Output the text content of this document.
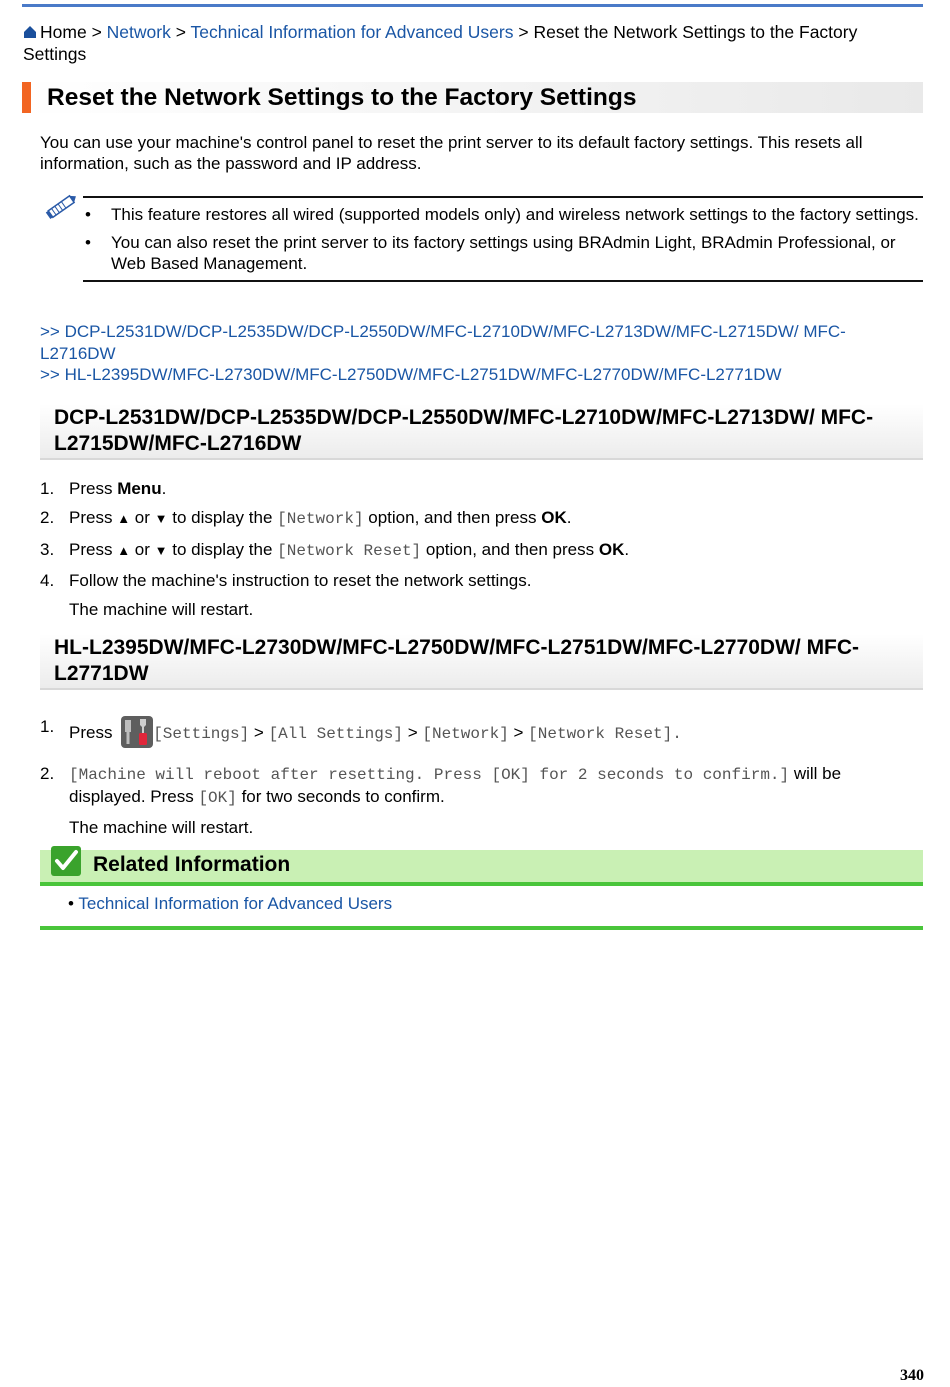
Home > Network > Technical Information for Advanced Users > Reset the Network Settings to the Factory Settings
Reset the Network Settings to the Factory Settings
You can use your machine's control panel to reset the print server to its default factory settings. This resets all information, such as the password and IP address.
• This feature restores all wired (supported models only) and wireless network settings to the factory settings.
• You can also reset the print server to its factory settings using BRAdmin Light, BRAdmin Professional, or Web Based Management.
>> DCP-L2531DW/DCP-L2535DW/DCP-L2550DW/MFC-L2710DW/MFC-L2713DW/MFC-L2715DW/ MFC-L2716DW
>> HL-L2395DW/MFC-L2730DW/MFC-L2750DW/MFC-L2751DW/MFC-L2770DW/MFC-L2771DW
DCP-L2531DW/DCP-L2535DW/DCP-L2550DW/MFC-L2710DW/MFC-L2713DW/ MFC-L2715DW/MFC-L2716DW
1. Press Menu.
2. Press ▲ or ▼ to display the [Network] option, and then press OK.
3. Press ▲ or ▼ to display the [Network Reset] option, and then press OK.
4. Follow the machine's instruction to reset the network settings.
The machine will restart.
HL-L2395DW/MFC-L2730DW/MFC-L2750DW/MFC-L2751DW/MFC-L2770DW/ MFC-L2771DW
1. Press [Settings] > [All Settings] > [Network] > [Network Reset].
2. [Machine will reboot after resetting. Press [OK] for 2 seconds to confirm.] will be displayed. Press [OK] for two seconds to confirm.
The machine will restart.
Related Information
• Technical Information for Advanced Users
340
